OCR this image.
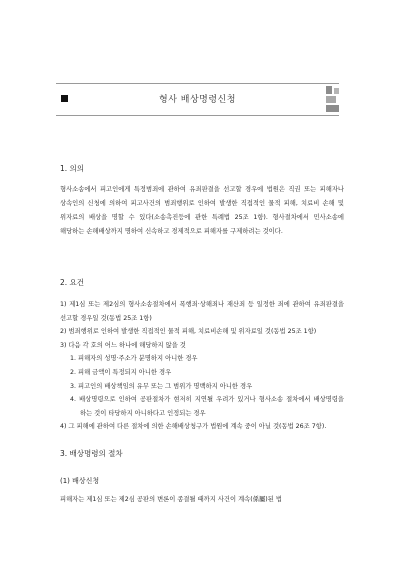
형사 배상명령신청
1. 의의
형사소송에서 피고인에게 특정범죄에 관하여 유죄판결을 선고할 경우에 법원은 직권 또는 피해자나 상속인의 신청에 의하여 피고사건의 범죄행위로 인하여 발생한 직접적인 물적 피해, 치료비 손해 및 위자료의 배상을 명할 수 있다(소송촉진등에 관한 특례법 25조 1항). 형사절차에서 민사소송에 해당하는 손해배상까지 명하여 신속하고 경제적으로 피해자를 구제하려는 것이다.
2. 요건
1) 제1심 또는 제2심의 형사소송절차에서 폭행죄·상해죄나 재산죄 등 일정한 죄에 관하여 유죄판결을 선고할 경우일 것(동법 25조 1항)
2) 범죄행위로 인하여 발생한 직접적인 물적 피해, 치료비손해 및 위자료일 것(동법 25조 1항)
3) 다음 각 호의 어느 하나에 해당하지 않을 것
1. 피해자의 성명·주소가 분명하지 아니한 경우
2. 피해 금액이 특정되지 아니한 경우
3. 피고인의 배상책임의 유무 또는 그 범위가 명백하지 아니한 경우
4. 배상명령으로 인하여 공판절차가 현저히 지연될 우려가 있거나 형사소송 절차에서 배상명령을 하는 것이 타당하지 아니하다고 인정되는 경우
4) 그 피해에 관하여 다른 절차에 의한 손해배상청구가 법원에 계속 중이 아닐 것(동법 26조 7항).
3. 배상명령의 절차
(1) 배상신청
피해자는 제1심 또는 제2심 공판의 변론이 종결될 때까지 사건이 계속(係屬)된 법
